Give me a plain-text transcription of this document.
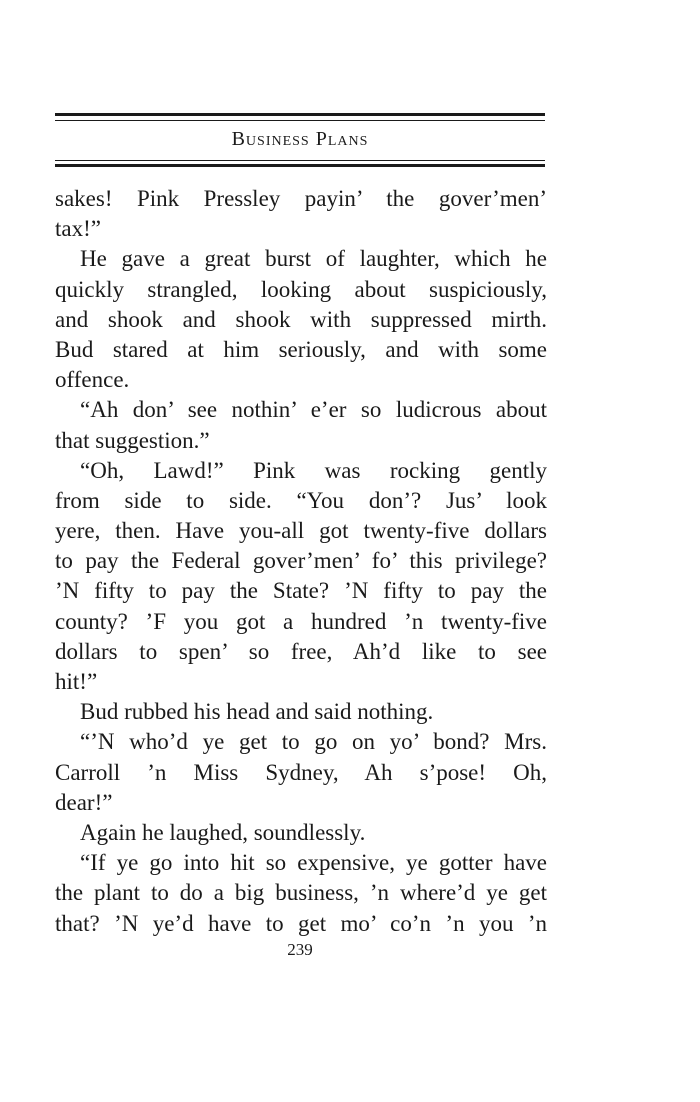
Business Plans
sakes! Pink Pressley payin’ the gover’men’
tax!”
He gave a great burst of laughter, which he
quickly strangled, looking about suspiciously,
and shook and shook with suppressed mirth.
Bud stared at him seriously, and with some
offence.
“Ah don’ see nothin’ e’er so ludicrous about
that suggestion.”
“Oh, Lawd!” Pink was rocking gently
from side to side. “You don’? Jus’ look
yere, then. Have you-all got twenty-five dollars
to pay the Federal gover’men’ fo’ this privilege?
’N fifty to pay the State? ’N fifty to pay the
county? ’F you got a hundred ’n twenty-five
dollars to spen’ so free, Ah’d like to see
hit!”
Bud rubbed his head and said nothing.
“’N who’d ye get to go on yo’ bond? Mrs.
Carroll ’n Miss Sydney, Ah s’pose! Oh,
dear!”
Again he laughed, soundlessly.
“If ye go into hit so expensive, ye gotter have
the plant to do a big business, ’n where’d ye get
that? ’N ye’d have to get mo’ co’n ’n you ’n
239
